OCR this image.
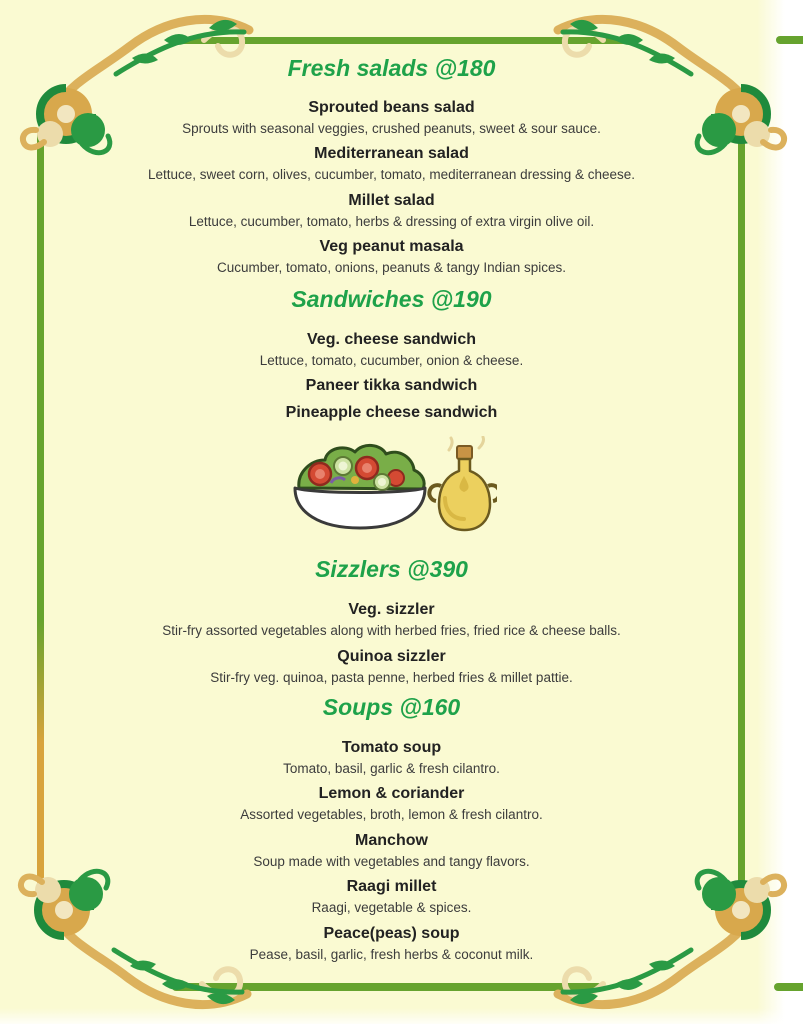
Fresh salads @180
Sprouted beans salad
Sprouts with seasonal veggies, crushed peanuts, sweet & sour sauce.
Mediterranean salad
Lettuce, sweet corn, olives, cucumber, tomato, mediterranean dressing & cheese.
Millet salad
Lettuce, cucumber, tomato, herbs & dressing of extra virgin olive oil.
Veg peanut masala
Cucumber, tomato, onions, peanuts & tangy Indian spices.
Sandwiches @190
Veg. cheese sandwich
Lettuce, tomato, cucumber, onion & cheese.
Paneer tikka sandwich
Pineapple cheese sandwich
Sizzlers @390
Veg. sizzler
Stir-fry assorted vegetables along with herbed fries, fried rice & cheese balls.
Quinoa sizzler
Stir-fry veg. quinoa, pasta penne, herbed fries & millet pattie.
Soups @160
Tomato soup
Tomato, basil, garlic & fresh cilantro.
Lemon & coriander
Assorted vegetables, broth, lemon & fresh cilantro.
Manchow
Soup made with vegetables and tangy flavors.
Raagi millet
Raagi, vegetable & spices.
Peace(peas) soup
Pease, basil, garlic, fresh herbs & coconut milk.
